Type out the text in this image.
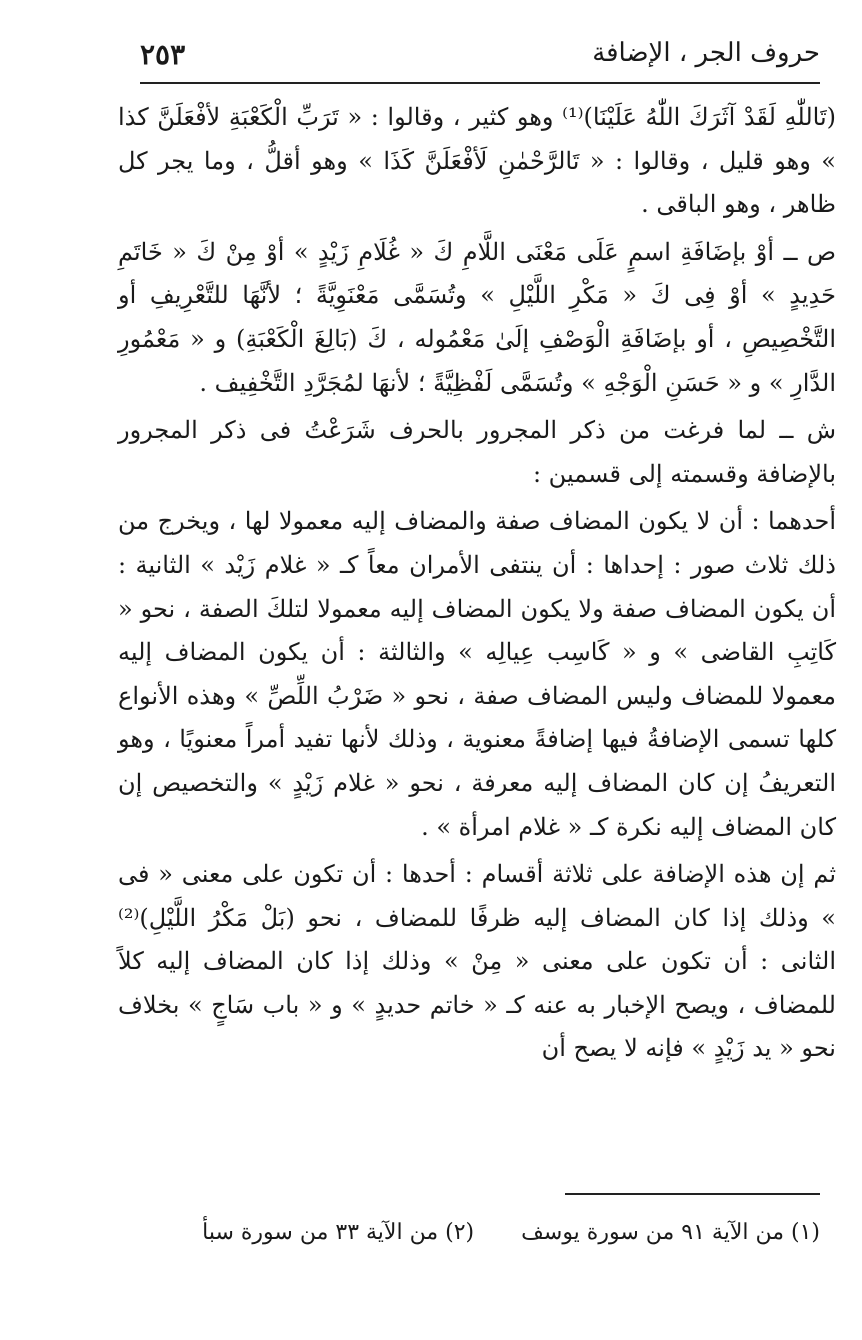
حروف الجر ، الإضافة
٢٥٣

(تَاللّٰهِ لَقَدْ آثَرَكَ اللّٰهُ عَلَيْنَا)⁽¹⁾ وهو كثير ، وقالوا : « تَرَبِّ الْكَعْبَةِ لأفْعَلَنَّ كذا » وهو قليل ، وقالوا : « تَالرَّحْمٰنِ لَأفْعَلَنَّ كَذَا » وهو أقلُّ ، وما يجر كل ظاهر ، وهو الباقى .

ص ــ أوْ بإضَافَةِ اسمٍ عَلَى مَعْنَى اللَّامِ كَ « غُلَامِ زَيْدٍ » أوْ مِنْ كَ « خَاتَمِ حَدِيدٍ » أوْ فِى كَ « مَكْرِ اللَّيْلِ » وتُسَمَّى مَعْنَوِيَّةً ؛ لأنَّهَا للتَّعْرِيفِ أو التَّخْصِيصِ ، أو بإضَافَةِ الْوَصْفِ إلَىٰ مَعْمُوله ، كَ (بَالِغَ الْكَعْبَةِ) و « مَعْمُورِ الدَّارِ » و « حَسَنِ الْوَجْهِ » وتُسَمَّى لَفْظِيَّةً ؛ لأنهَا لمُجَرَّدِ التَّخْفِيف .

ش ــ لما فرغت من ذكر المجرور بالحرف شَرَعْتُ فى ذكر المجرور بالإضافة وقسمته إلى قسمين :

أحدهما : أن لا يكون المضاف صفة والمضاف إليه معمولا لها ، ويخرج من ذلك ثلاث صور : إحداها : أن ينتفى الأمران معاً كـ « غلام زَيْد » الثانية : أن يكون المضاف صفة ولا يكون المضاف إليه معمولا لتلكَ الصفة ، نحو « كَاتِبِ القاضى » و « كَاسِب عِيالِه » والثالثة : أن يكون المضاف إليه معمولا للمضاف وليس المضاف صفة ، نحو « ضَرْبُ اللِّصِّ » وهذه الأنواع كلها تسمى الإضافةُ فيها إضافةً معنوية ، وذلك لأنها تفيد أمراً معنويًا ، وهو التعريفُ إن كان المضاف إليه معرفة ، نحو « غلام زَيْدٍ » والتخصيص إن كان المضاف إليه نكرة كـ « غلام امرأة » .

ثم إن هذه الإضافة على ثلاثة أقسام : أحدها : أن تكون على معنى « فى » وذلك إذا كان المضاف إليه ظرفًا للمضاف ، نحو (بَلْ مَكْرُ اللَّيْلِ)⁽²⁾ الثانى : أن تكون على معنى « مِنْ » وذلك إذا كان المضاف إليه كلاً للمضاف ، ويصح الإخبار به عنه كـ « خاتم حديدٍ » و « باب سَاجٍ » بخلاف نحو « يد زَيْدٍ » فإنه لا يصح أن

(١) من الآية ٩١ من سورة يوسف (٢) من الآية ٣٣ من سورة سبأ
